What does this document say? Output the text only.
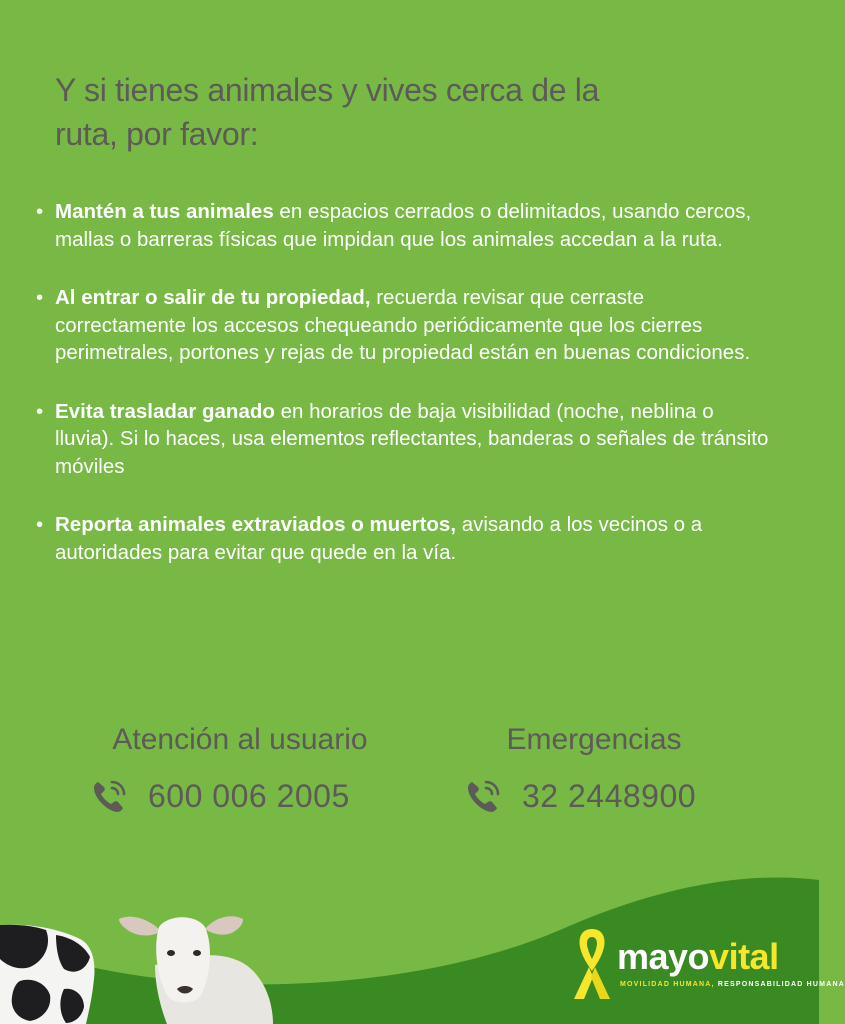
Y si tienes animales y vives cerca de la ruta, por favor:
• Mantén a tus animales en espacios cerrados o delimitados, usando cercos, mallas o barreras físicas que impidan que los animales accedan a la ruta.
• Al entrar o salir de tu propiedad, recuerda revisar que cerraste correctamente los accesos chequeando periódicamente que los cierres perimetrales, portones y rejas de tu propiedad están en buenas condiciones.
• Evita trasladar ganado en horarios de baja visibilidad (noche, neblina o lluvia). Si lo haces, usa elementos reflectantes, banderas o señales de tránsito móviles
• Reporta animales extraviados o muertos, avisando a los vecinos o a autoridades para evitar que quede en la vía.
Atención al usuario
600 006 2005
Emergencias
32 2448900
mayovital
MOVILIDAD HUMANA, RESPONSABILIDAD HUMANA
